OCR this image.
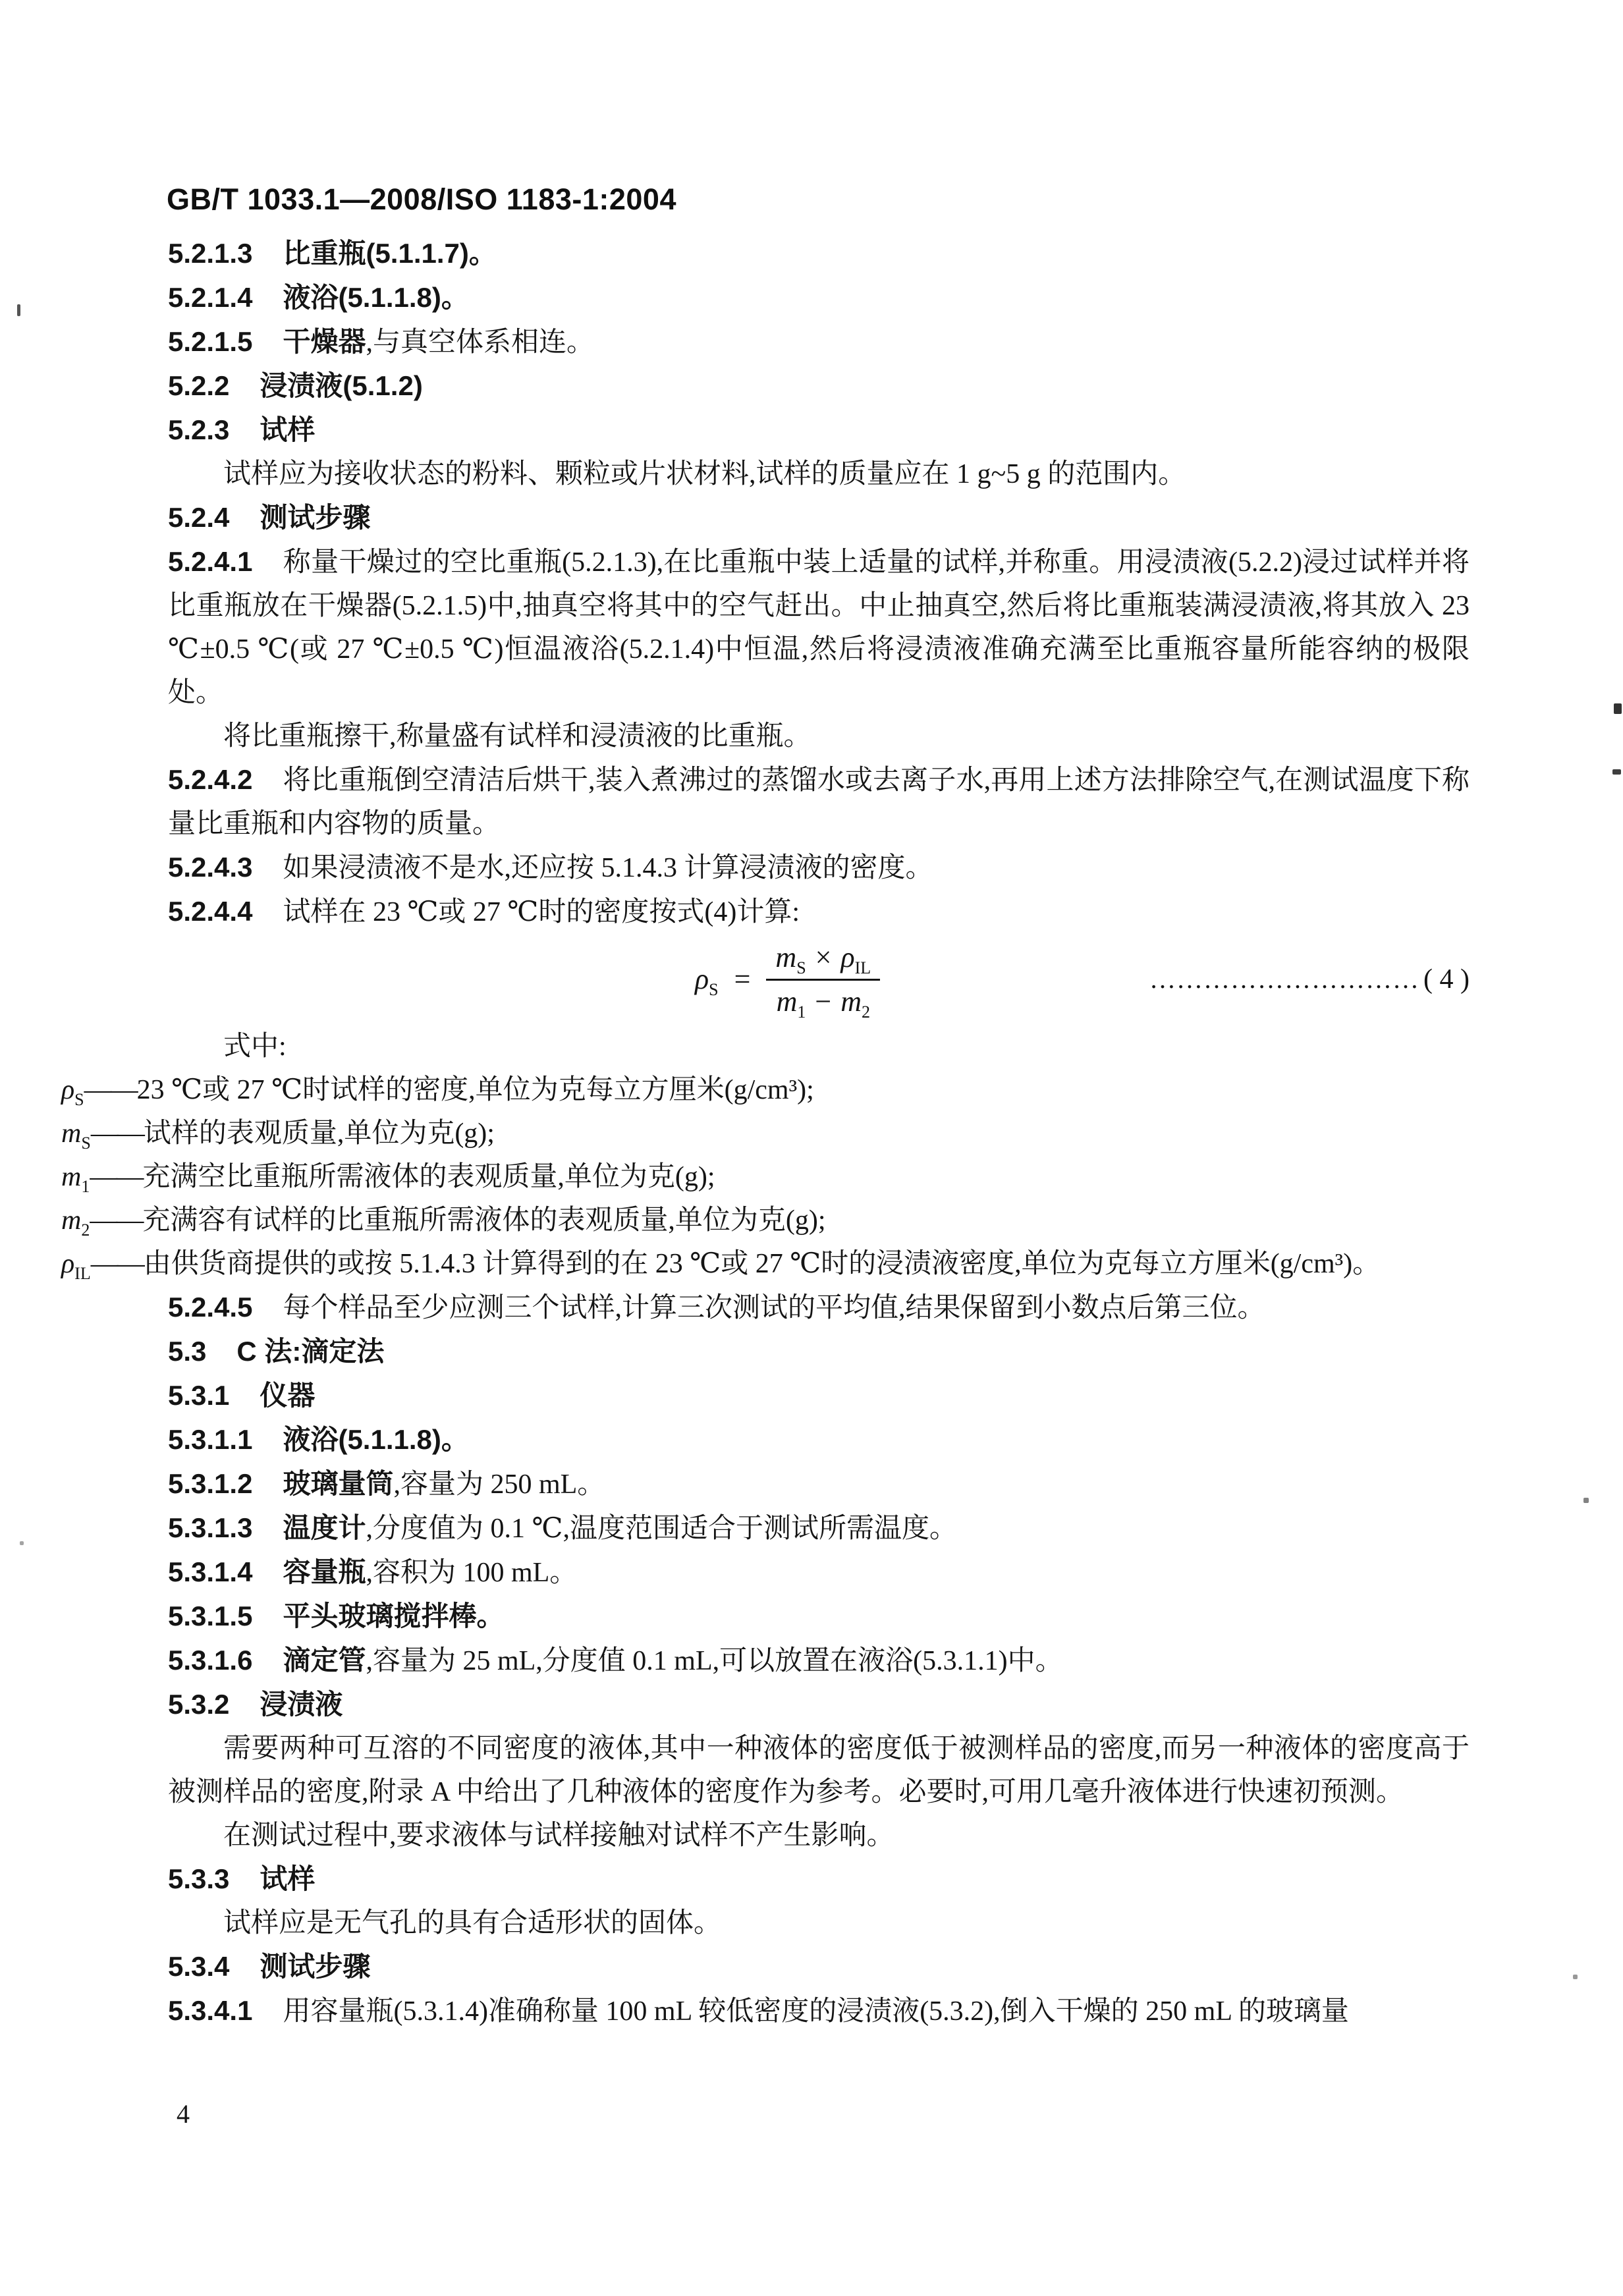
GB/T 1033.1—2008/ISO 1183-1:2004

5.2.1.3 比重瓶(5.1.1.7)。

5.2.1.4 液浴(5.1.1.8)。

5.2.1.5 干燥器,与真空体系相连。

5.2.2 浸渍液(5.1.2)

5.2.3 试样

试样应为接收状态的粉料、颗粒或片状材料,试样的质量应在 1 g~5 g 的范围内。

5.2.4 测试步骤

5.2.4.1 称量干燥过的空比重瓶(5.2.1.3),在比重瓶中装上适量的试样,并称重。用浸渍液(5.2.2)浸过试样并将比重瓶放在干燥器(5.2.1.5)中,抽真空将其中的空气赶出。中止抽真空,然后将比重瓶装满浸渍液,将其放入 23 ℃±0.5 ℃(或 27 ℃±0.5 ℃)恒温液浴(5.2.1.4)中恒温,然后将浸渍液准确充满至比重瓶容量所能容纳的极限处。

将比重瓶擦干,称量盛有试样和浸渍液的比重瓶。

5.2.4.2 将比重瓶倒空清洁后烘干,装入煮沸过的蒸馏水或去离子水,再用上述方法排除空气,在测试温度下称量比重瓶和内容物的质量。

5.2.4.3 如果浸渍液不是水,还应按 5.1.4.3 计算浸渍液的密度。

5.2.4.4 试样在 23 ℃或 27 ℃时的密度按式(4)计算:

$\rho_S = \frac{m_S \times \rho_{IL}}{m_1 - m_2}$	………………………… ( 4 )

式中:

$\rho_S——23$ ℃或 27 ℃时试样的密度,单位为克每立方厘米(g/cm³);

$m_S——$试样的表观质量,单位为克(g);

$m_1——$充满空比重瓶所需液体的表观质量,单位为克(g);

$m_2——$充满容有试样的比重瓶所需液体的表观质量,单位为克(g);

$\rho_{IL}——$由供货商提供的或按 5.1.4.3 计算得到的在 23 ℃或 27 ℃时的浸渍液密度,单位为克每立方厘米(g/cm³)。

5.2.4.5 每个样品至少应测三个试样,计算三次测试的平均值,结果保留到小数点后第三位。

5.3 C 法:滴定法

5.3.1 仪器

5.3.1.1 液浴(5.1.1.8)。

5.3.1.2 玻璃量筒,容量为 250 mL。

5.3.1.3 温度计,分度值为 0.1 ℃,温度范围适合于测试所需温度。

5.3.1.4 容量瓶,容积为 100 mL。

5.3.1.5 平头玻璃搅拌棒。

5.3.1.6 滴定管,容量为 25 mL,分度值 0.1 mL,可以放置在液浴(5.3.1.1)中。

5.3.2 浸渍液

需要两种可互溶的不同密度的液体,其中一种液体的密度低于被测样品的密度,而另一种液体的密度高于被测样品的密度,附录 A 中给出了几种液体的密度作为参考。必要时,可用几毫升液体进行快速初预测。

在测试过程中,要求液体与试样接触对试样不产生影响。

5.3.3 试样

试样应是无气孔的具有合适形状的固体。

5.3.4 测试步骤

5.3.4.1 用容量瓶(5.3.1.4)准确称量 100 mL 较低密度的浸渍液(5.3.2),倒入干燥的 250 mL 的玻璃量

4
